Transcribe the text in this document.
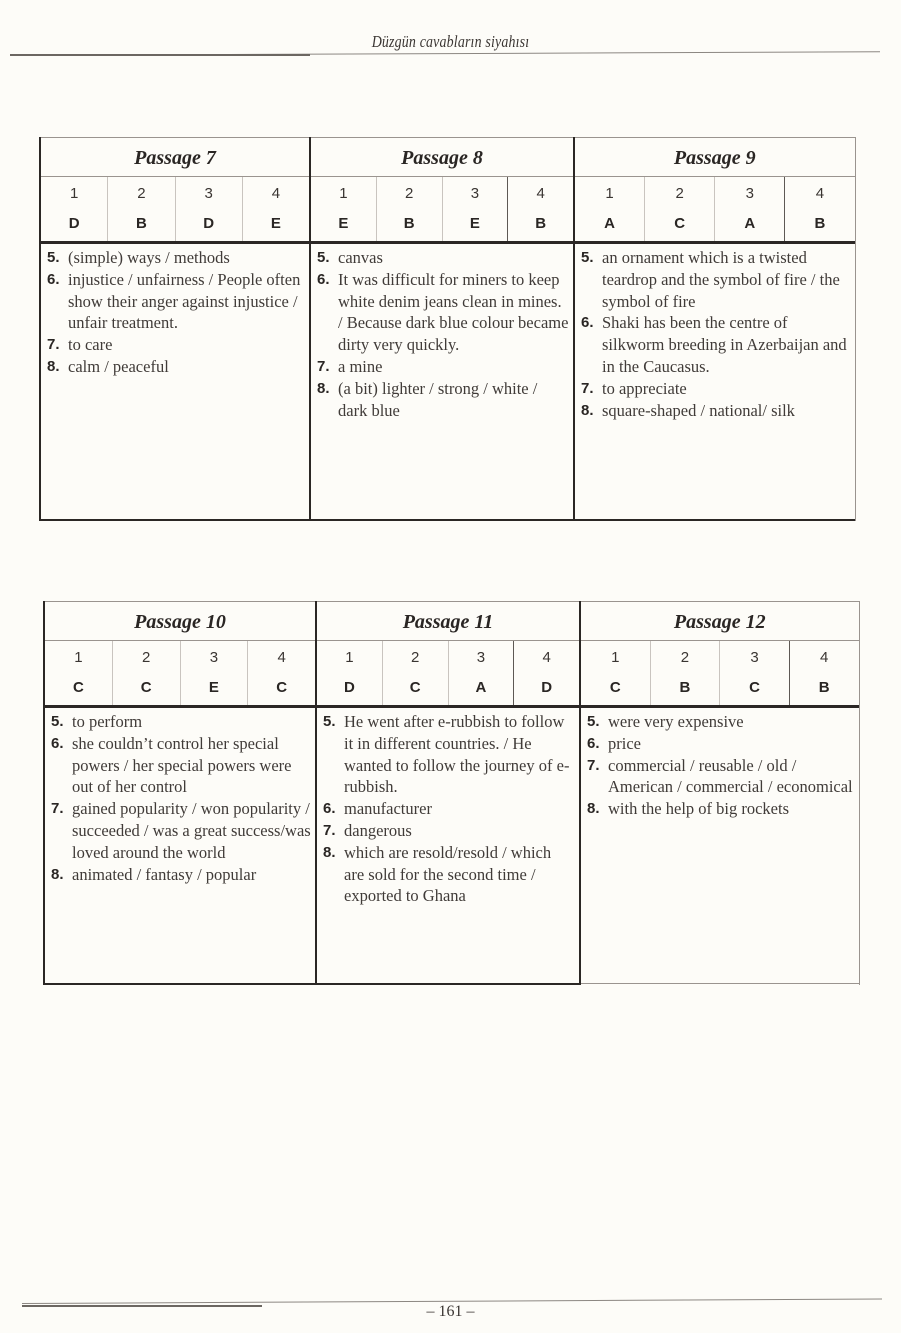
Düzgün cavabların siyahısı
Passage 7
1	2	3	4
D	B	D	E
5. (simple) ways / methods
6. injustice / unfairness / People often show their anger against injustice / unfair treatment.
7. to care
8. calm / peaceful

Passage 8
1	2	3	4
E	B	E	B
5. canvas
6. It was difficult for miners to keep white denim jeans clean in mines. / Because dark blue colour became dirty very quickly.
7. a mine
8. (a bit) lighter / strong / white / dark blue

Passage 9
1	2	3	4
A	C	A	B
5. an ornament which is a twisted teardrop and the symbol of fire / the symbol of fire
6. Shaki has been the centre of silkworm breeding in Azerbaijan and in the Caucasus.
7. to appreciate
8. square-shaped / national/ silk
Passage 10
1	2	3	4
C	C	E	C
5. to perform
6. she couldn’t control her special powers / her special powers were out of her control
7. gained popularity / won popularity / succeeded / was a great success/was loved around the world
8. animated / fantasy / popular

Passage 11
1	2	3	4
D	C	A	D
5. He went after e-rubbish to follow it in different countries. / He wanted to follow the journey of e-rubbish.
6. manufacturer
7. dangerous
8. which are resold/resold / which are sold for the second time / exported to Ghana

Passage 12
1	2	3	4
C	B	C	B
5. were very expensive
6. price
7. commercial / reusable / old / American / commercial / economical
8. with the help of big rockets
– 161 –
